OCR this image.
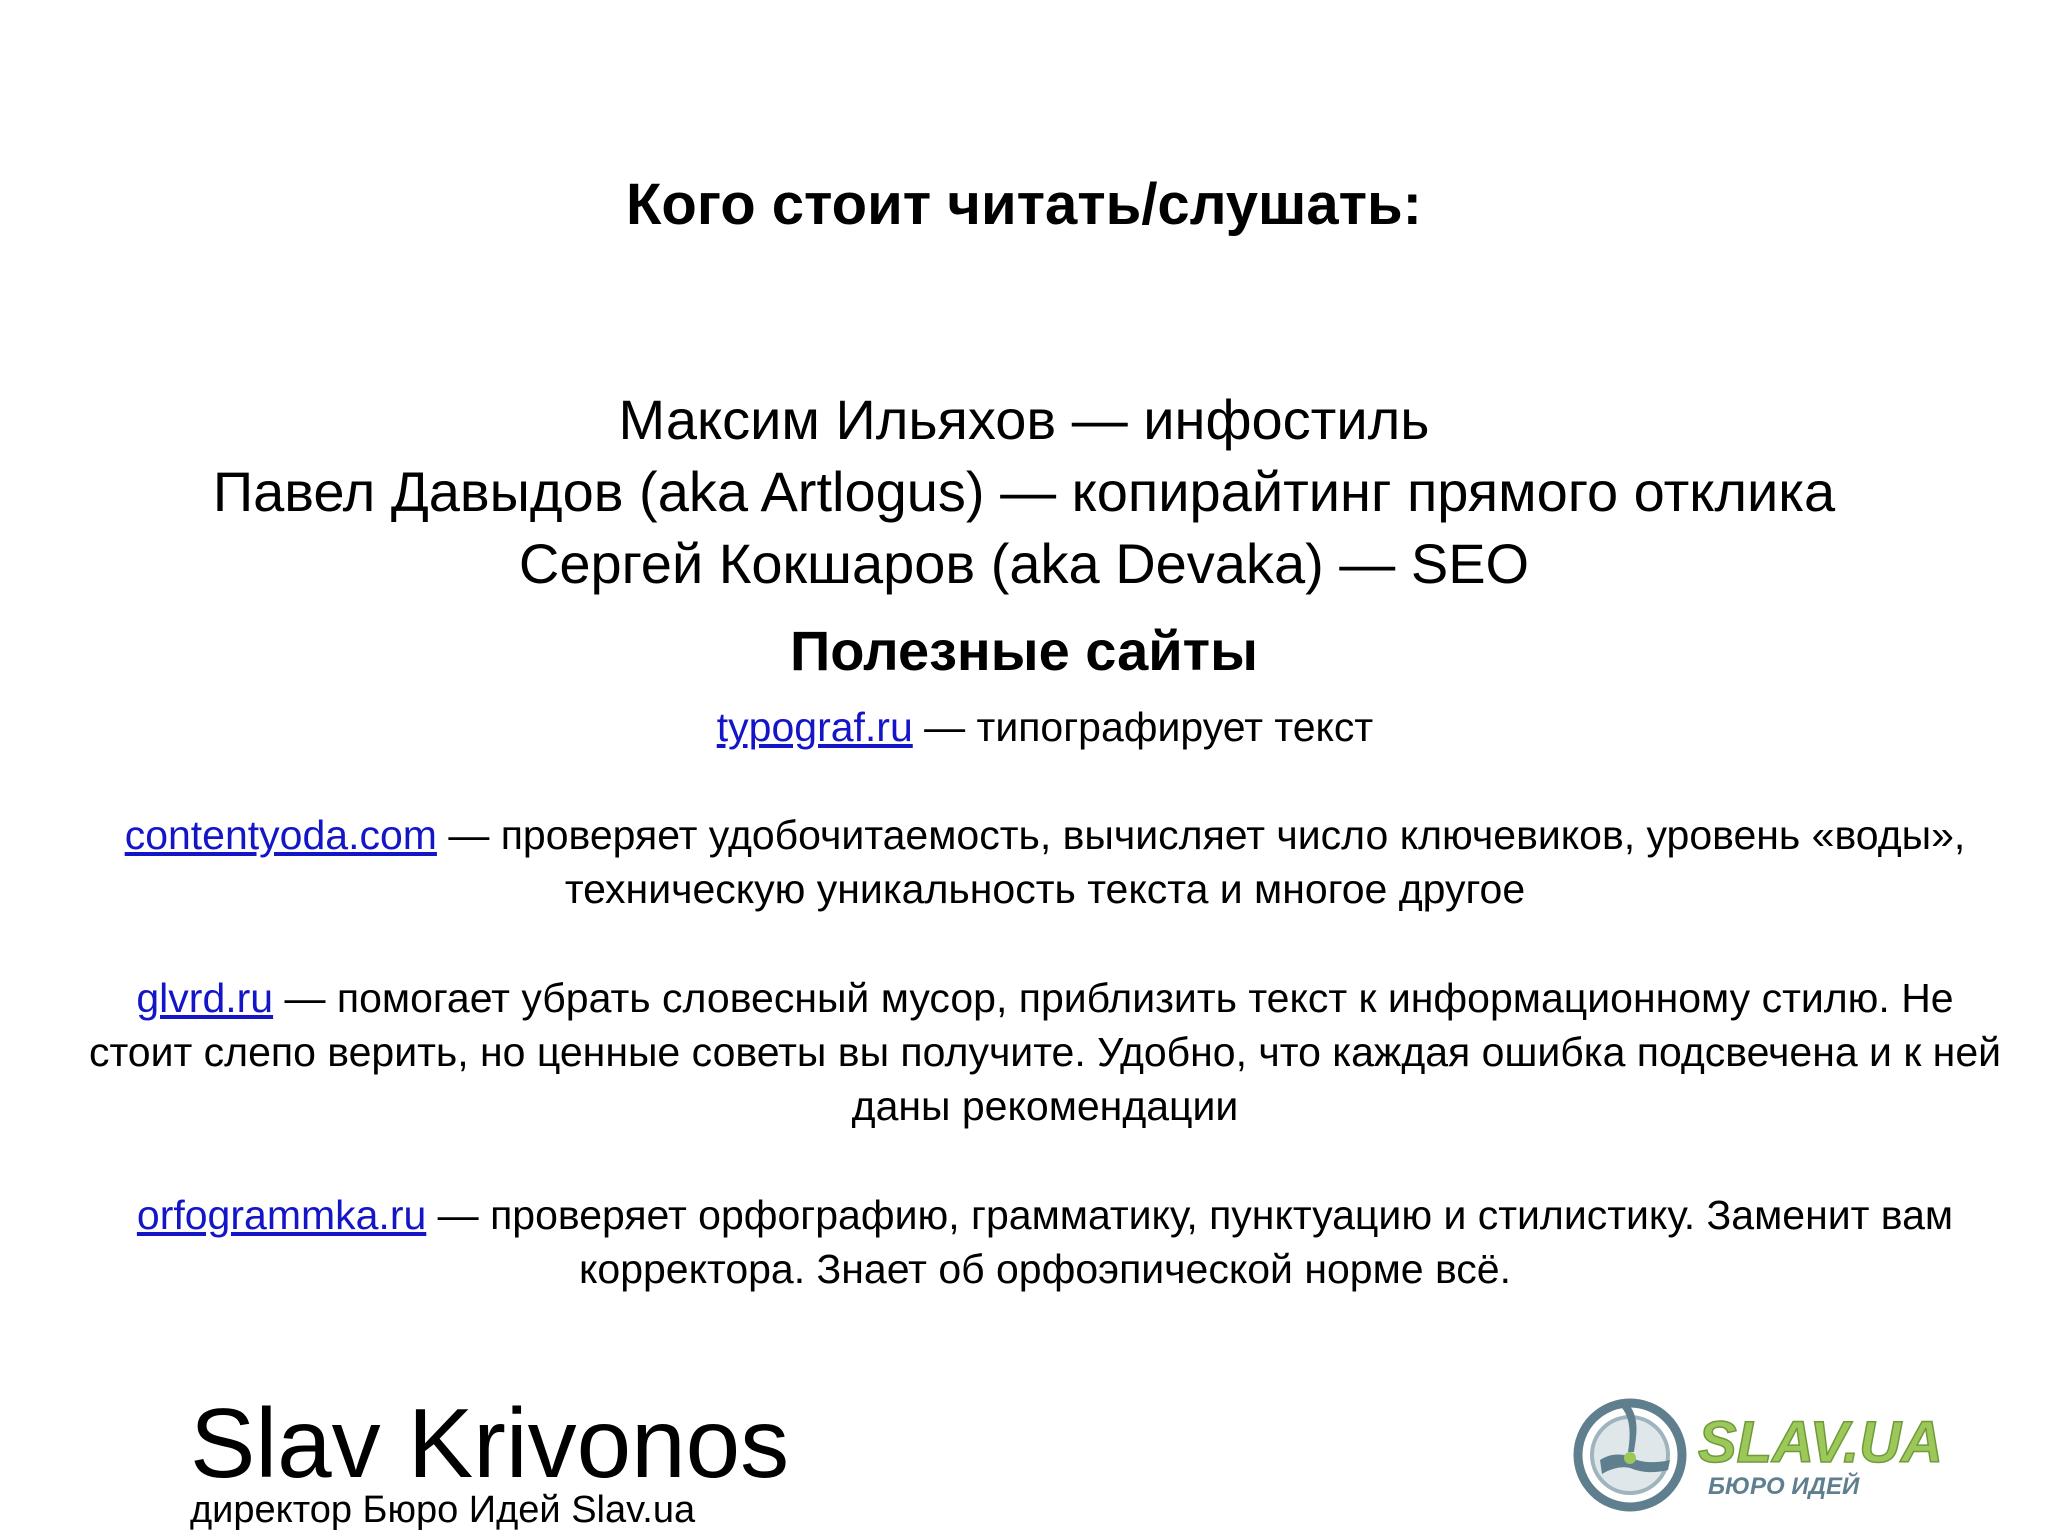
Кого стоит читать/слушать:
Максим Ильяхов — инфостиль
Павел Давыдов (aka Artlogus) — копирайтинг прямого отклика
Сергей Кокшаров (aka Devaka) — SEO
Полезные сайты
typograf.ru — типографирует текст
contentyoda.com — проверяет удобочитаемость, вычисляет число ключевиков, уровень «воды», техническую уникальность текста и многое другое
glvrd.ru — помогает убрать словесный мусор, приблизить текст к информационному стилю. Не стоит слепо верить, но ценные советы вы получите. Удобно, что каждая ошибка подсвечена и к ней даны рекомендации
orfogrammka.ru — проверяет орфографию, грамматику, пунктуацию и стилистику. Заменит вам корректора. Знает об орфоэпической норме всё.
Slav Krivonos
директор Бюро Идей Slav.ua
SLAV.UA
БЮРО ИДЕЙ
